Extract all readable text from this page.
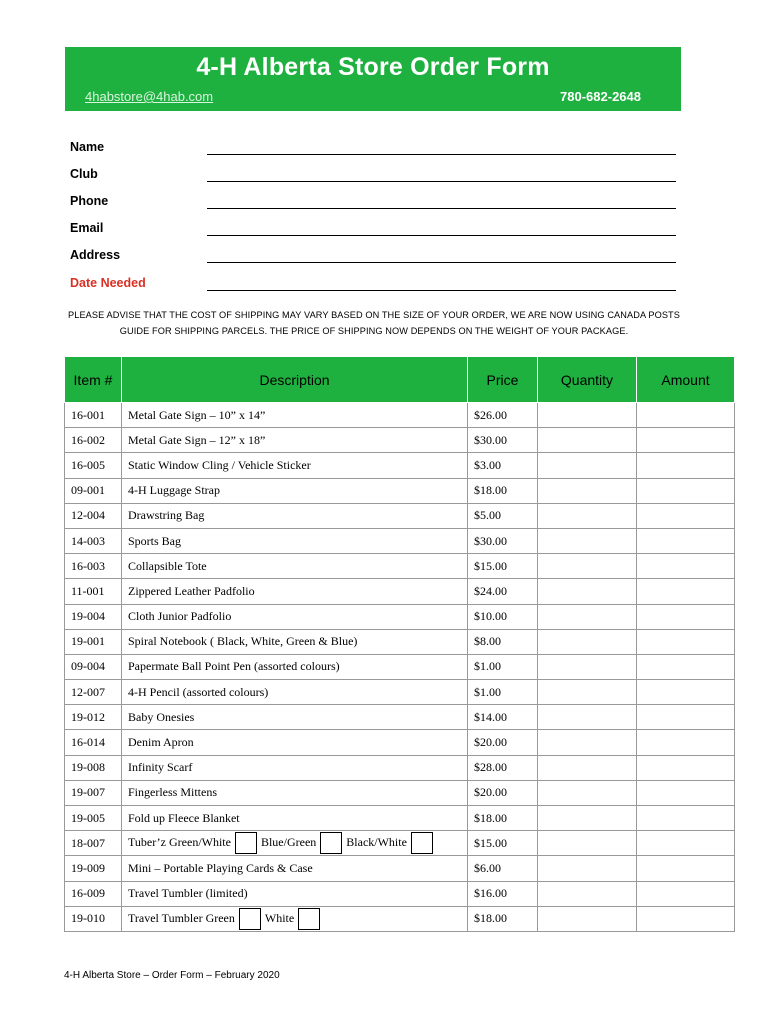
4-H Alberta Store Order Form
4habstore@4hab.com	780-682-2648
Name
Club
Phone
Email
Address
Date Needed
PLEASE ADVISE THAT THE COST OF SHIPPING MAY VARY BASED ON THE SIZE OF YOUR ORDER, WE ARE NOW USING CANADA POSTS
GUIDE FOR SHIPPING PARCELS. THE PRICE OF SHIPPING NOW DEPENDS ON THE WEIGHT OF YOUR PACKAGE.
Item #	Description	Price	Quantity	Amount
16-001	Metal Gate Sign – 10” x 14”	$26.00		
16-002	Metal Gate Sign – 12” x 18”	$30.00		
16-005	Static Window Cling / Vehicle Sticker	$3.00		
09-001	4-H Luggage Strap	$18.00		
12-004	Drawstring Bag	$5.00		
14-003	Sports Bag	$30.00		
16-003	Collapsible Tote	$15.00		
11-001	Zippered Leather Padfolio	$24.00		
19-004	Cloth Junior Padfolio	$10.00		
19-001	Spiral Notebook ( Black, White, Green & Blue)	$8.00		
09-004	Papermate Ball Point Pen (assorted colours)	$1.00		
12-007	4-H Pencil (assorted colours)	$1.00		
19-012	Baby Onesies	$14.00		
16-014	Denim Apron	$20.00		
19-008	Infinity Scarf	$28.00		
19-007	Fingerless Mittens	$20.00		
19-005	Fold up Fleece Blanket	$18.00		
18-007	Tuber’z Green/White Blue/Green Black/White	$15.00		
19-009	Mini – Portable Playing Cards & Case	$6.00		
16-009	Travel Tumbler (limited)	$16.00		
19-010	Travel Tumbler Green White	$18.00		
4-H Alberta Store – Order Form – February 2020
